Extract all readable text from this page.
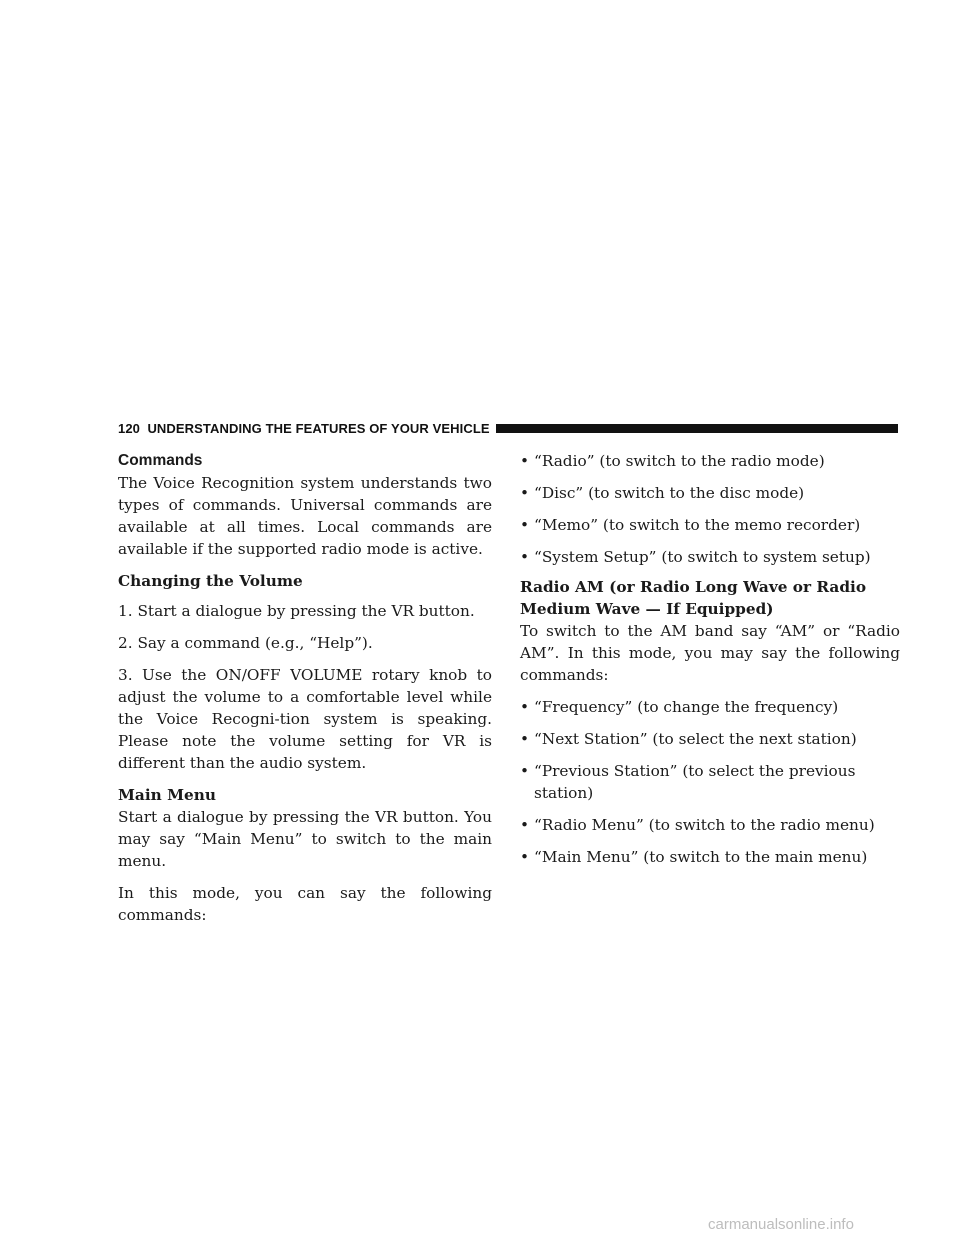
120 UNDERSTANDING THE FEATURES OF YOUR VEHICLE
Commands

The Voice Recognition system understands two types of commands. Universal commands are available at all times. Local commands are available if the supported radio mode is active.

Changing the Volume

1. Start a dialogue by pressing the VR button.

2. Say a command (e.g., “Help”).

3. Use the ON/OFF VOLUME rotary knob to adjust the volume to a comfortable level while the Voice Recogni-tion system is speaking. Please note the volume setting for VR is different than the audio system.

Main Menu

Start a dialogue by pressing the VR button. You may say “Main Menu” to switch to the main menu.

In this mode, you can say the following commands:

• “Radio” (to switch to the radio mode)
• “Disc” (to switch to the disc mode)
• “Memo” (to switch to the memo recorder)
• “System Setup” (to switch to system setup)
Radio AM (or Radio Long Wave or Radio Medium Wave — If Equipped)

To switch to the AM band say “AM” or “Radio AM”. In this mode, you may say the following commands:

• “Frequency” (to change the frequency)
• “Next Station” (to select the next station)
• “Previous Station” (to select the previous station)
• “Radio Menu” (to switch to the radio menu)
• “Main Menu” (to switch to the main menu)
carmanualsonline.info
